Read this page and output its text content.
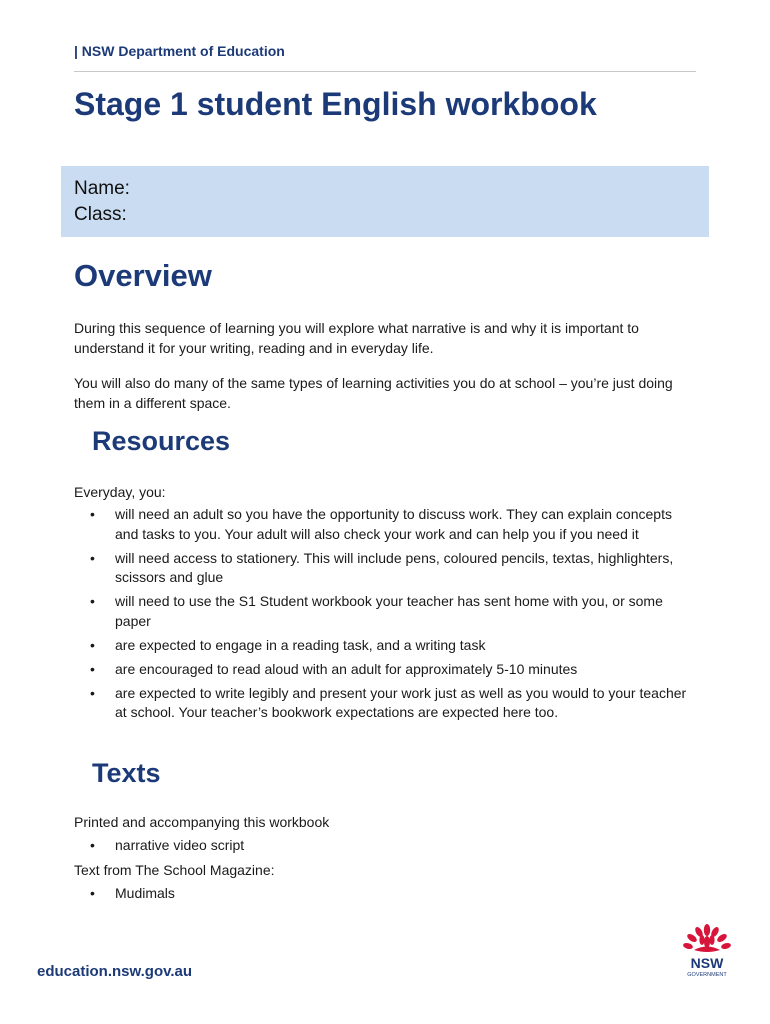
| NSW Department of Education
Stage 1 student English workbook
Name:
Class:
Overview

During this sequence of learning you will explore what narrative is and why it is important to understand it for your writing, reading and in everyday life.

You will also do many of the same types of learning activities you do at school – you’re just doing them in a different space.

Resources

Everyday, you:

• will need an adult so you have the opportunity to discuss work. They can explain concepts and tasks to you. Your adult will also check your work and can help you if you need it
• will need access to stationery. This will include pens, coloured pencils, textas, highlighters, scissors and glue
• will need to use the S1 Student workbook your teacher has sent home with you, or some paper
• are expected to engage in a reading task, and a writing task
• are encouraged to read aloud with an adult for approximately 5-10 minutes
• are expected to write legibly and present your work just as well as you would to your teacher at school. Your teacher’s bookwork expectations are expected here too.
Texts

Printed and accompanying this workbook

• narrative video script

Text from The School Magazine:

• Mudimals
education.nsw.gov.au	NSW
GOVERNMENT
